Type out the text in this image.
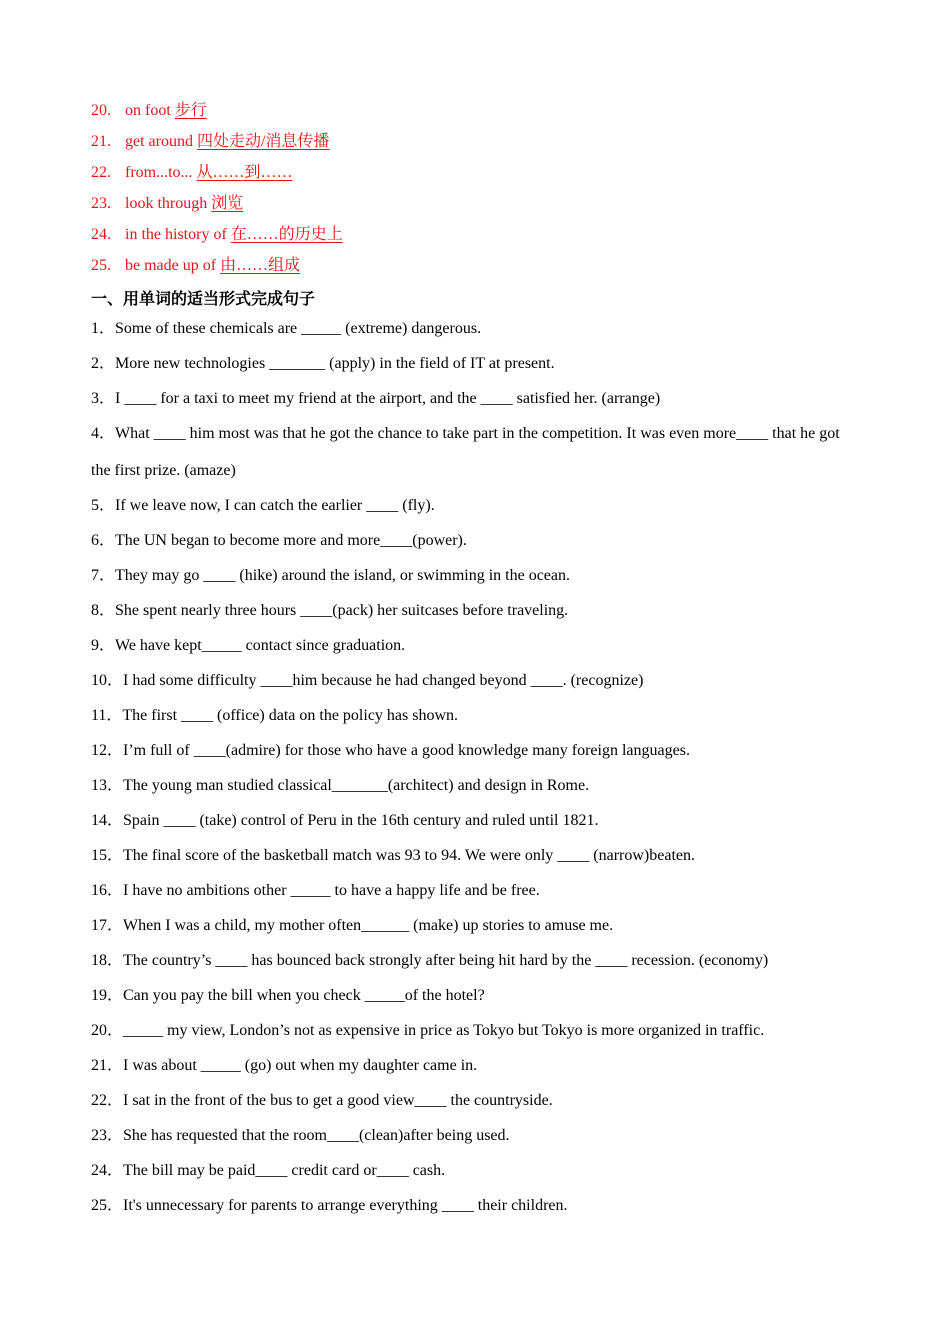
20. on foot 步行
21. get around 四处走动/消息传播
22. from...to... 从……到……
23. look through 浏览
24. in the history of 在……的历史上
25. be made up of 由……组成
一、用单词的适当形式完成句子
1．Some of these chemicals are _____ (extreme) dangerous.
2．More new technologies _______ (apply) in the field of IT at present.
3．I ____ for a taxi to meet my friend at the airport, and the ____ satisfied her. (arrange)
4．What ____ him most was that he got the chance to take part in the competition. It was even more____ that he got the first prize. (amaze)
5．If we leave now, I can catch the earlier ____ (fly).
6．The UN began to become more and more____(power).
7．They may go ____ (hike) around the island, or swimming in the ocean.
8．She spent nearly three hours ____(pack) her suitcases before traveling.
9．We have kept_____ contact since graduation.
10．I had some difficulty ____him because he had changed beyond ____. (recognize)
11．The first ____ (office) data on the policy has shown.
12．I’m full of ____(admire) for those who have a good knowledge many foreign languages.
13．The young man studied classical_______(architect) and design in Rome.
14．Spain ____ (take) control of Peru in the 16th century and ruled until 1821.
15．The final score of the basketball match was 93 to 94. We were only ____ (narrow)beaten.
16．I have no ambitions other _____ to have a happy life and be free.
17．When I was a child, my mother often______ (make) up stories to amuse me.
18．The country’s ____ has bounced back strongly after being hit hard by the ____ recession. (economy)
19．Can you pay the bill when you check _____of the hotel?
20．_____ my view, London’s not as expensive in price as Tokyo but Tokyo is more organized in traffic.
21．I was about _____ (go) out when my daughter came in.
22．I sat in the front of the bus to get a good view____ the countryside.
23．She has requested that the room____(clean)after being used.
24．The bill may be paid____ credit card or____ cash.
25．It's unnecessary for parents to arrange everything ____ their children.
